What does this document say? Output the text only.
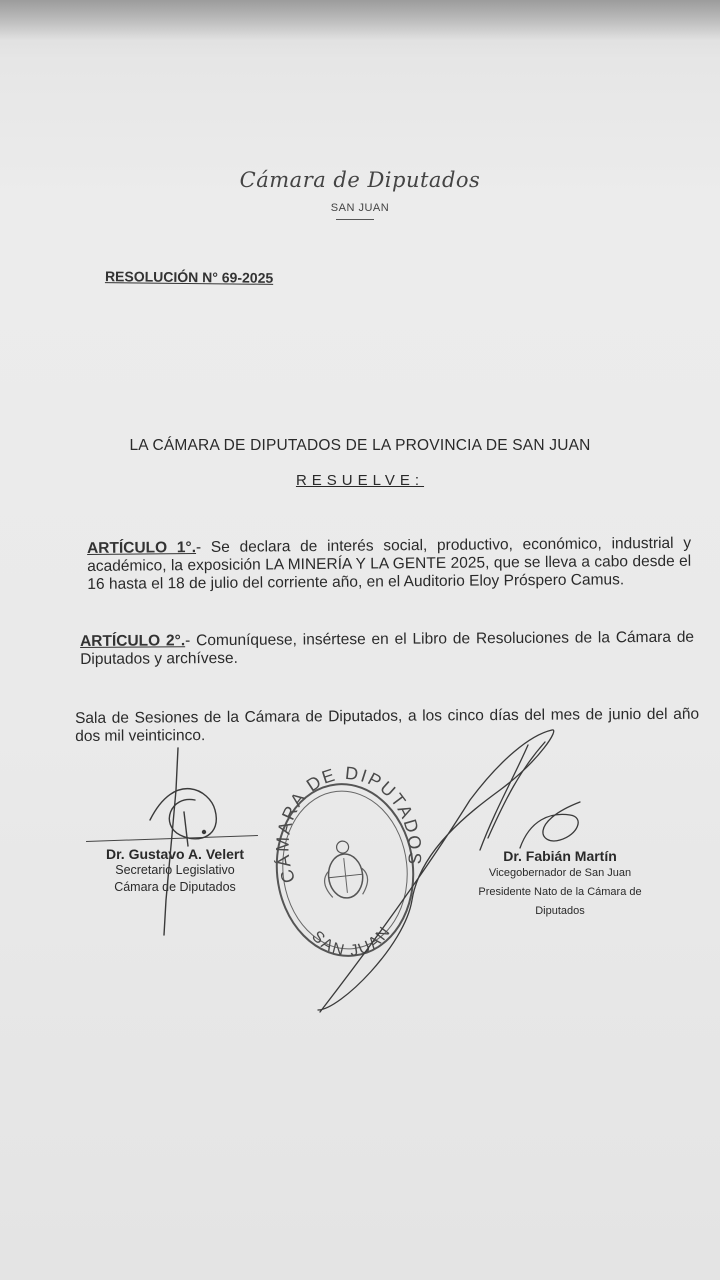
Cámara de Diputados
SAN JUAN
RESOLUCIÓN N° 69-2025
LA CÁMARA DE DIPUTADOS DE LA PROVINCIA DE SAN JUAN
RESUELVE:
ARTÍCULO 1°.- Se declara de interés social, productivo, económico, industrial y académico, la exposición LA MINERÍA Y LA GENTE 2025, que se lleva a cabo desde el 16 hasta el 18 de julio del corriente año, en el Auditorio Eloy Próspero Camus.
ARTÍCULO 2°.- Comuníquese, insértese en el Libro de Resoluciones de la Cámara de Diputados y archívese.
Sala de Sesiones de la Cámara de Diputados, a los cinco días del mes de junio del año dos mil veinticinco.
Dr. Gustavo A. Velert
Secretario Legislativo
Cámara de Diputados
Dr. Fabián Martín
Vicegobernador de San Juan
Presidente Nato de la Cámara de Diputados
CÁMARA DE DIPUTADOS
SAN JUAN
